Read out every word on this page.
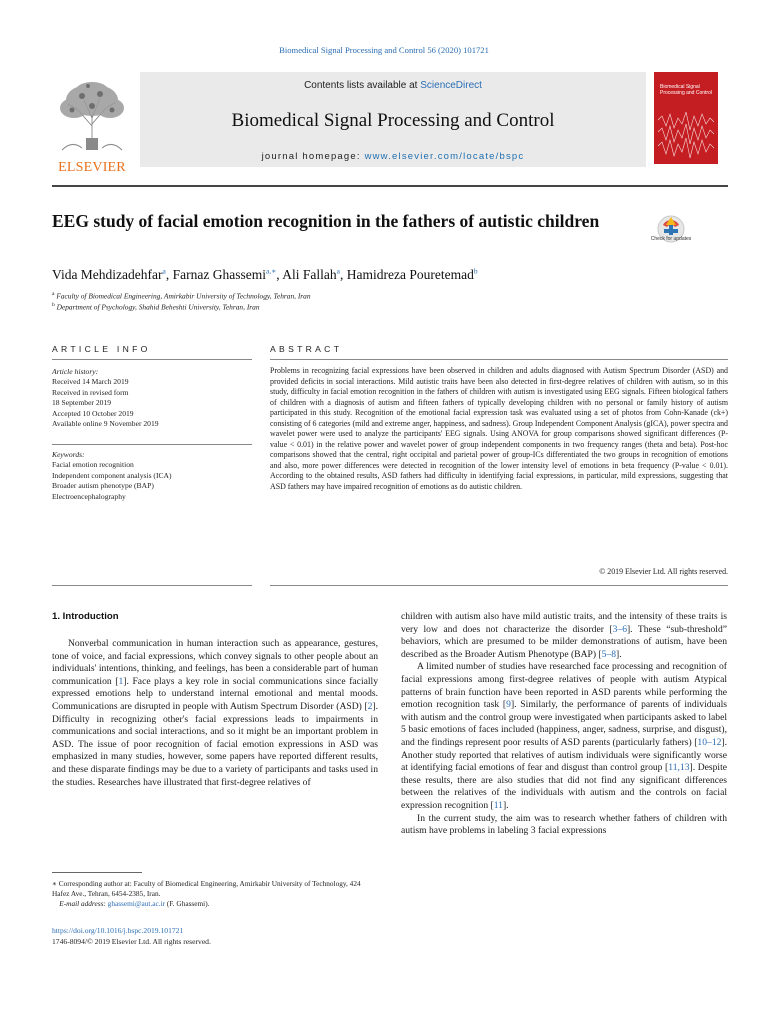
Biomedical Signal Processing and Control 56 (2020) 101721
ELSEVIER
Contents lists available at ScienceDirect
Biomedical Signal Processing and Control
journal homepage: www.elsevier.com/locate/bspc
Biomedical Signal Processing and Control
EEG study of facial emotion recognition in the fathers of autistic children
Check for updates
Vida Mehdizadehfar$^a$, Farnaz Ghassemi$^{a,∗}$, Ali Fallah$^a$, Hamidreza Pouretemad$^b$
$^a$ Faculty of Biomedical Engineering, Amirkabir University of Technology, Tehran, Iran
$^b$ Department of Psychology, Shahid Beheshti University, Tehran, Iran
ARTICLE INFO	ABSTRACT
Article history:
Received 14 March 2019
Received in revised form
18 September 2019
Accepted 10 October 2019
Available online 9 November 2019
Keywords:
Facial emotion recognition
Independent component analysis (ICA)
Broader autism phenotype (BAP)
Electroencephalography
Problems in recognizing facial expressions have been observed in children and adults diagnosed with Autism Spectrum Disorder (ASD) and provided deficits in social interactions. Mild autistic traits have been also detected in first-degree relatives of children with autism, so in this study, difficulty in facial emotion recognition in the fathers of children with autism is investigated using EEG signals. Fifteen biological fathers of children with a diagnosis of autism and fifteen fathers of typically developing children with no personal or family history of autism participated in this study. Recognition of the emotional facial expression task was evaluated using a set of photos from Cohn-Kanade (ck+) consisting of 6 categories (mild and extreme anger, happiness, and sadness). Group Independent Component Analysis (gICA), power spectra and wavelet power were used to analyze the participants' EEG signals. Using ANOVA for group comparisons showed significant differences (P-value < 0.01) in the relative power and wavelet power of group independent components in two frequency ranges (theta and beta). Post-hoc comparisons showed that the central, right occipital and parietal power of group-ICs differentiated the two groups in recognition of emotions and also, more power differences were detected in recognition of the lower intensity level of emotions in beta frequency (P-value < 0.01). According to the obtained results, ASD fathers had difficulty in identifying facial expressions, in particular, mild expressions, suggesting that ASD fathers may have impaired recognition of emotions as do autistic children.
© 2019 Elsevier Ltd. All rights reserved.
1. Introduction

Nonverbal communication in human interaction such as appearance, gestures, tone of voice, and facial expressions, which convey signals to other people about an individuals' intentions, thinking, and feelings, has been a considerable part of human communication [1]. Face plays a key role in social communications since facially expressed emotions help to understand internal emotional and mental moods. Communications are disrupted in people with Autism Spectrum Disorder (ASD) [2]. Difficulty in recognizing other's facial expressions leads to impairments in communications and social interactions, and so it might be an important problem in ASD. The issue of poor recognition of facial emotion expressions in ASD was emphasized in many studies, however, some papers have reported different results, and these disparate findings may be due to a variety of participants and tasks used in the studies. Researches have illustrated that first-degree relatives of

children with autism also have mild autistic traits, and the intensity of these traits is very low and does not characterize the disorder [3–6]. These “sub-threshold” behaviors, which are presumed to be milder demonstrations of autism, have been described as the Broader Autism Phenotype (BAP) [5–8].

A limited number of studies have researched face processing and recognition of facial expressions among first-degree relatives of people with autism Atypical patterns of brain function have been reported in ASD parents while performing the emotion recognition task [9]. Similarly, the performance of parents of individuals with autism and the control group were investigated when participants asked to label 5 basic emotions of faces included (happiness, anger, sadness, surprise, and disgust), and the findings represent poor results of ASD parents (particularly fathers) [10–12]. Another study reported that relatives of autism individuals were significantly worse at identifying facial emotions of fear and disgust than control group [11,13]. Despite these results, there are also studies that did not find any significant differences between the relatives of the individuals with autism and the controls on facial expression recognition [11].

In the current study, the aim was to research whether fathers of children with autism have problems in labeling 3 facial expressions

∗ Corresponding author at: Faculty of Biomedical Engineering, Amirkabir University of Technology, 424 Hafez Ave., Tehran, 6454-2385, Iran.
E-mail address: ghassemi@aut.ac.ir (F. Ghassemi).
https://doi.org/10.1016/j.bspc.2019.101721
1746-8094/© 2019 Elsevier Ltd. All rights reserved.
